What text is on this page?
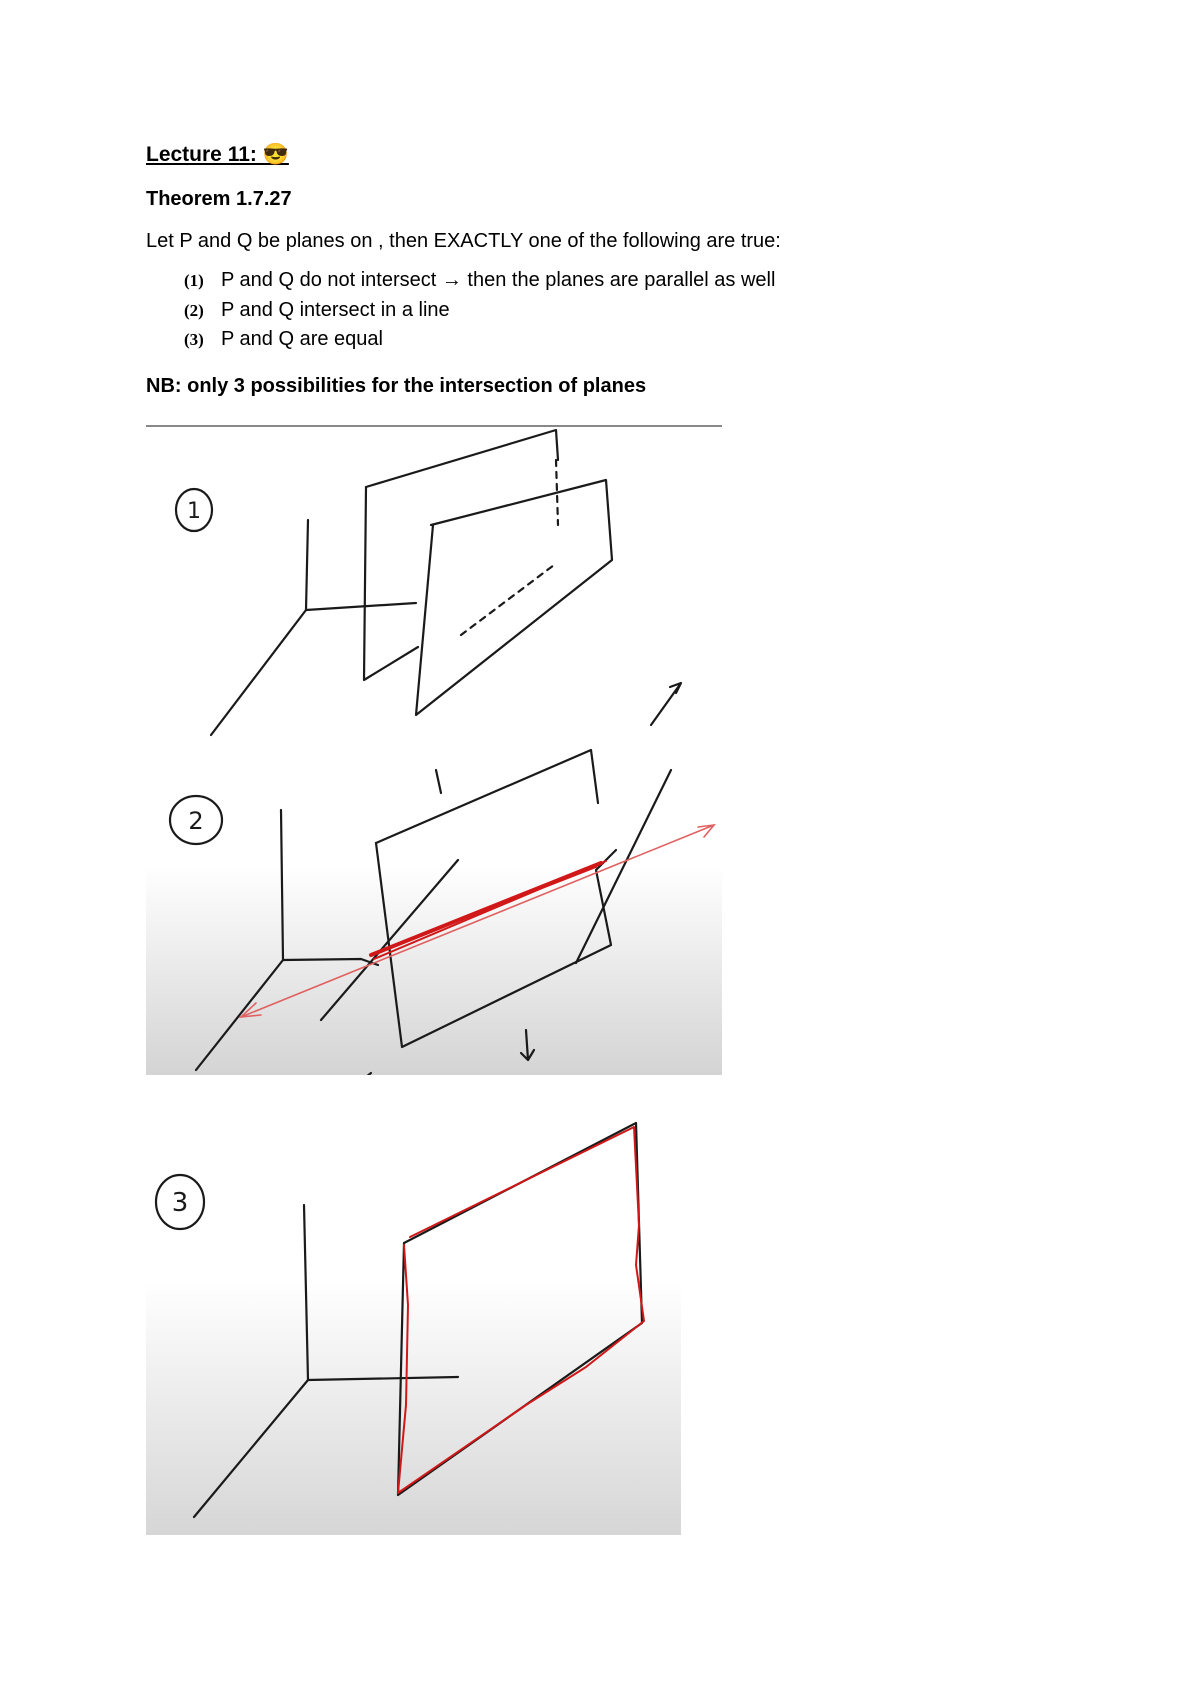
Lecture 11: 😎

Theorem 1.7.27

Let P and Q be planes on , then EXACTLY one of the following are true:

(1) P and Q do not intersect → then the planes are parallel as well
(2) P and Q intersect in a line
(3) P and Q are equal

NB: only 3 possibilities for the intersection of planes

1
2
3
